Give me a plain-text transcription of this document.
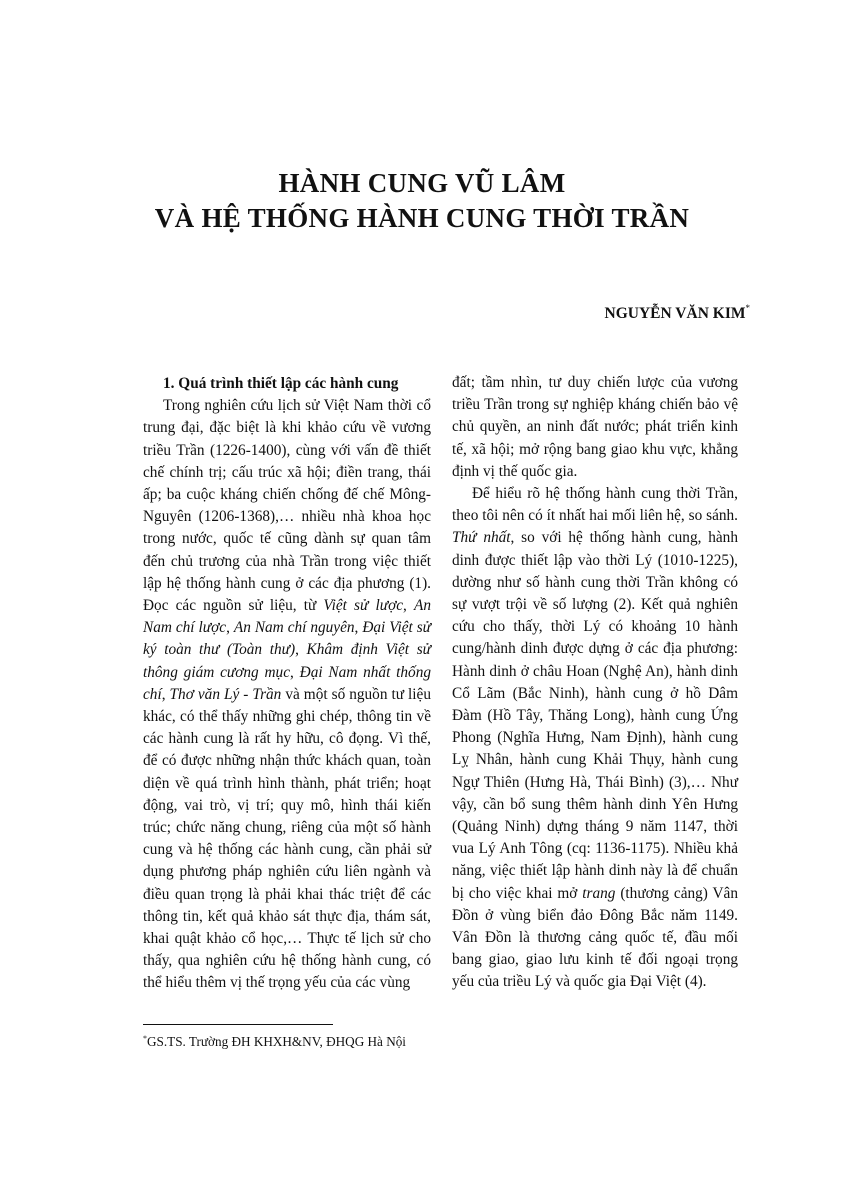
HÀNH CUNG VŨ LÂM
VÀ HỆ THỐNG HÀNH CUNG THỜI TRẦN
NGUYỄN VĂN KIM*

1. Quá trình thiết lập các hành cung

Trong nghiên cứu lịch sử Việt Nam thời cổ trung đại, đặc biệt là khi khảo cứu về vương triều Trần (1226-1400), cùng với vấn đề thiết chế chính trị; cấu trúc xã hội; điền trang, thái ấp; ba cuộc kháng chiến chống đế chế Mông-Nguyên (1206-1368),… nhiều nhà khoa học trong nước, quốc tế cũng dành sự quan tâm đến chủ trương của nhà Trần trong việc thiết lập hệ thống hành cung ở các địa phương (1). Đọc các nguồn sử liệu, từ Việt sử lược, An Nam chí lược, An Nam chí nguyên, Đại Việt sử ký toàn thư (Toàn thư), Khâm định Việt sử thông giám cương mục, Đại Nam nhất thống chí, Thơ văn Lý - Trần và một số nguồn tư liệu khác, có thể thấy những ghi chép, thông tin về các hành cung là rất hy hữu, cô đọng. Vì thế, để có được những nhận thức khách quan, toàn diện về quá trình hình thành, phát triển; hoạt động, vai trò, vị trí; quy mô, hình thái kiến trúc; chức năng chung, riêng của một số hành cung và hệ thống các hành cung, cần phải sử dụng phương pháp nghiên cứu liên ngành và điều quan trọng là phải khai thác triệt để các thông tin, kết quả khảo sát thực địa, thám sát, khai quật khảo cổ học,… Thực tế lịch sử cho thấy, qua nghiên cứu hệ thống hành cung, có thể hiểu thêm vị thế trọng yếu của các vùng

đất; tầm nhìn, tư duy chiến lược của vương triều Trần trong sự nghiệp kháng chiến bảo vệ chủ quyền, an ninh đất nước; phát triển kinh tế, xã hội; mở rộng bang giao khu vực, khẳng định vị thế quốc gia.

Để hiểu rõ hệ thống hành cung thời Trần, theo tôi nên có ít nhất hai mối liên hệ, so sánh. Thứ nhất, so với hệ thống hành cung, hành dinh được thiết lập vào thời Lý (1010-1225), dường như số hành cung thời Trần không có sự vượt trội về số lượng (2). Kết quả nghiên cứu cho thấy, thời Lý có khoảng 10 hành cung/hành dinh được dựng ở các địa phương: Hành dinh ở châu Hoan (Nghệ An), hành dinh Cổ Lãm (Bắc Ninh), hành cung ở hồ Dâm Đàm (Hồ Tây, Thăng Long), hành cung Ứng Phong (Nghĩa Hưng, Nam Định), hành cung Lỵ Nhân, hành cung Khải Thụy, hành cung Ngự Thiên (Hưng Hà, Thái Bình) (3),… Như vậy, cần bổ sung thêm hành dinh Yên Hưng (Quảng Ninh) dựng tháng 9 năm 1147, thời vua Lý Anh Tông (cq: 1136-1175). Nhiều khả năng, việc thiết lập hành dinh này là để chuẩn bị cho việc khai mở trang (thương cảng) Vân Đồn ở vùng biển đảo Đông Bắc năm 1149. Vân Đồn là thương cảng quốc tế, đầu mối bang giao, giao lưu kinh tế đối ngoại trọng yếu của triều Lý và quốc gia Đại Việt (4).

*GS.TS. Trường ĐH KHXH&NV, ĐHQG Hà Nội
